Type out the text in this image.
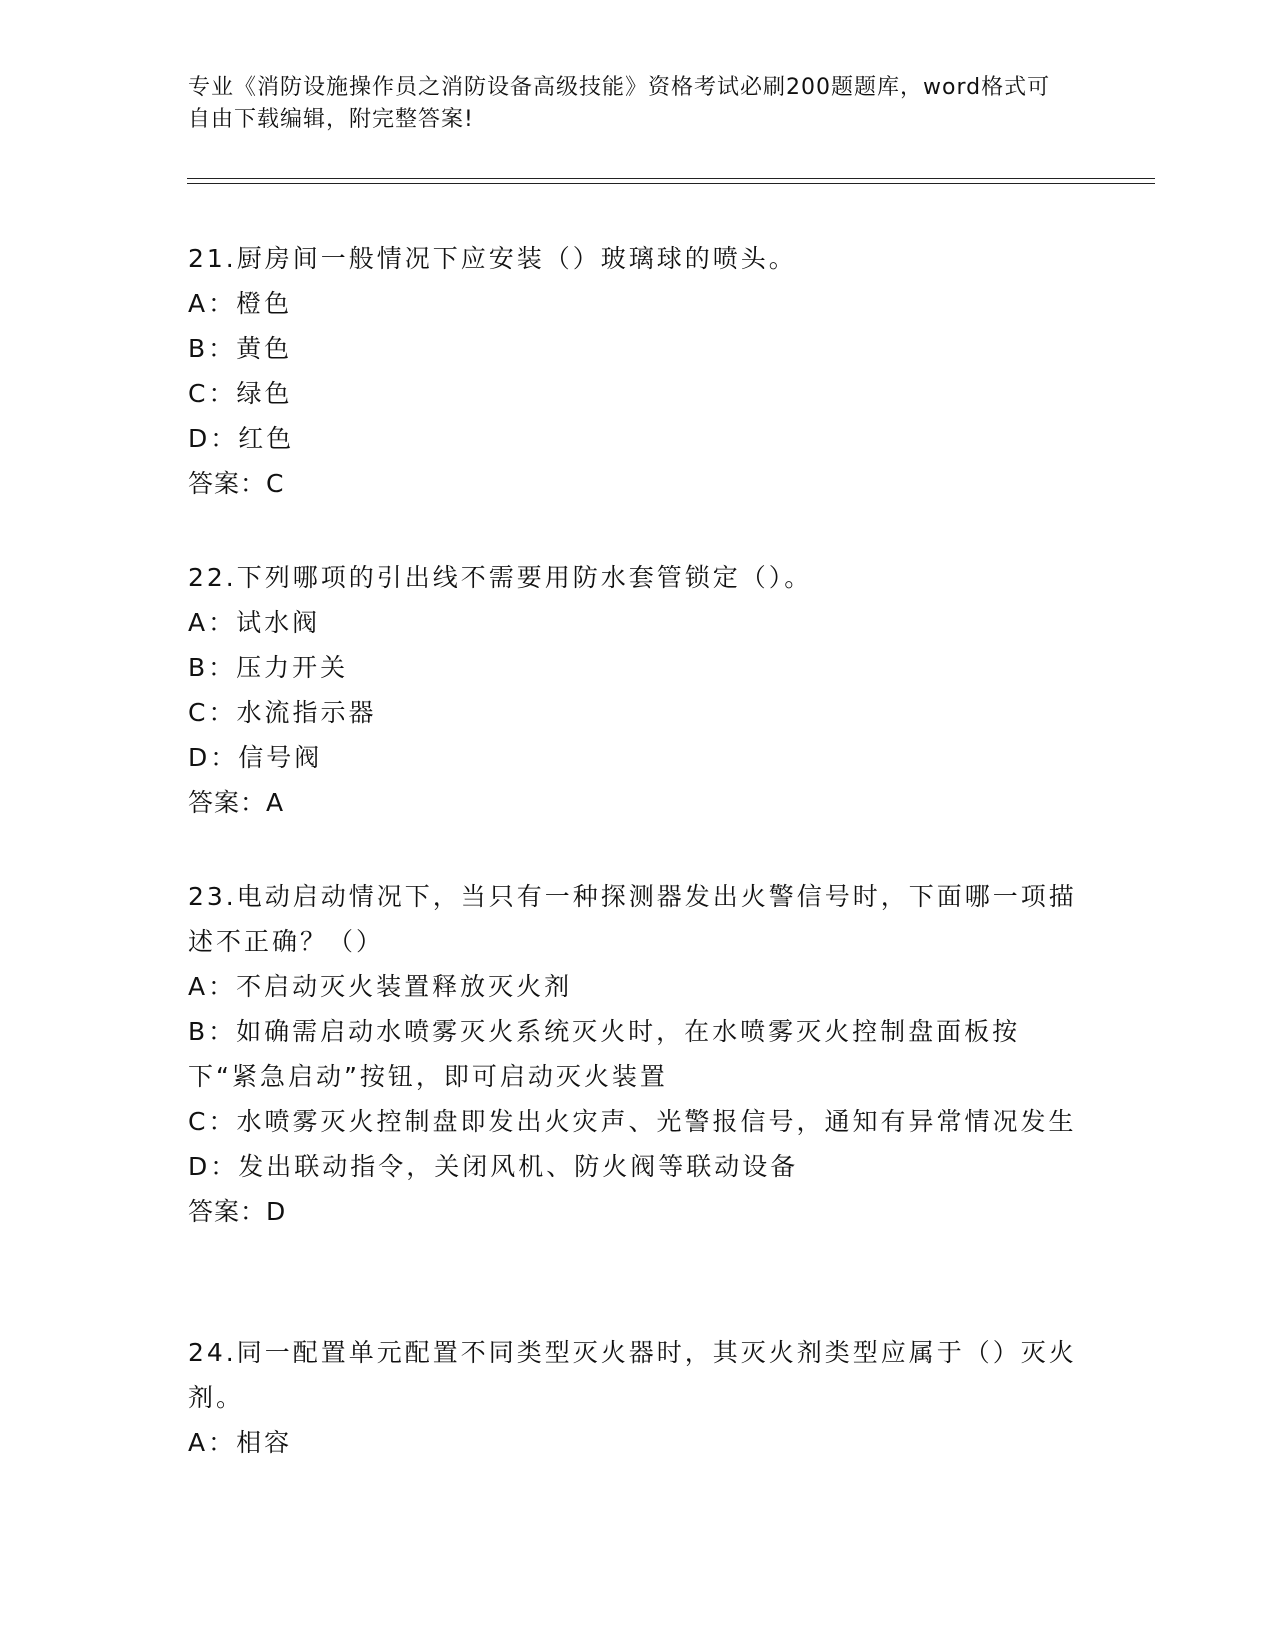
专业《消防设施操作员之消防设备高级技能》资格考试必刷200题题库，word格式可自由下载编辑，附完整答案!

21.厨房间一般情况下应安装（）玻璃球的喷头。

A：橙色

B：黄色

C：绿色

D：红色

答案：C

22.下列哪项的引出线不需要用防水套管锁定（）。

A：试水阀

B：压力开关

C：水流指示器

D：信号阀

答案：A

23.电动启动情况下，当只有一种探测器发出火警信号时，下面哪一项描述不正确？（）

A：不启动灭火装置释放灭火剂

B：如确需启动水喷雾灭火系统灭火时，在水喷雾灭火控制盘面板按下“紧急启动”按钮，即可启动灭火装置

C：水喷雾灭火控制盘即发出火灾声、光警报信号，通知有异常情况发生

D：发出联动指令，关闭风机、防火阀等联动设备

答案：D

24.同一配置单元配置不同类型灭火器时，其灭火剂类型应属于（）灭火剂。

A：相容
